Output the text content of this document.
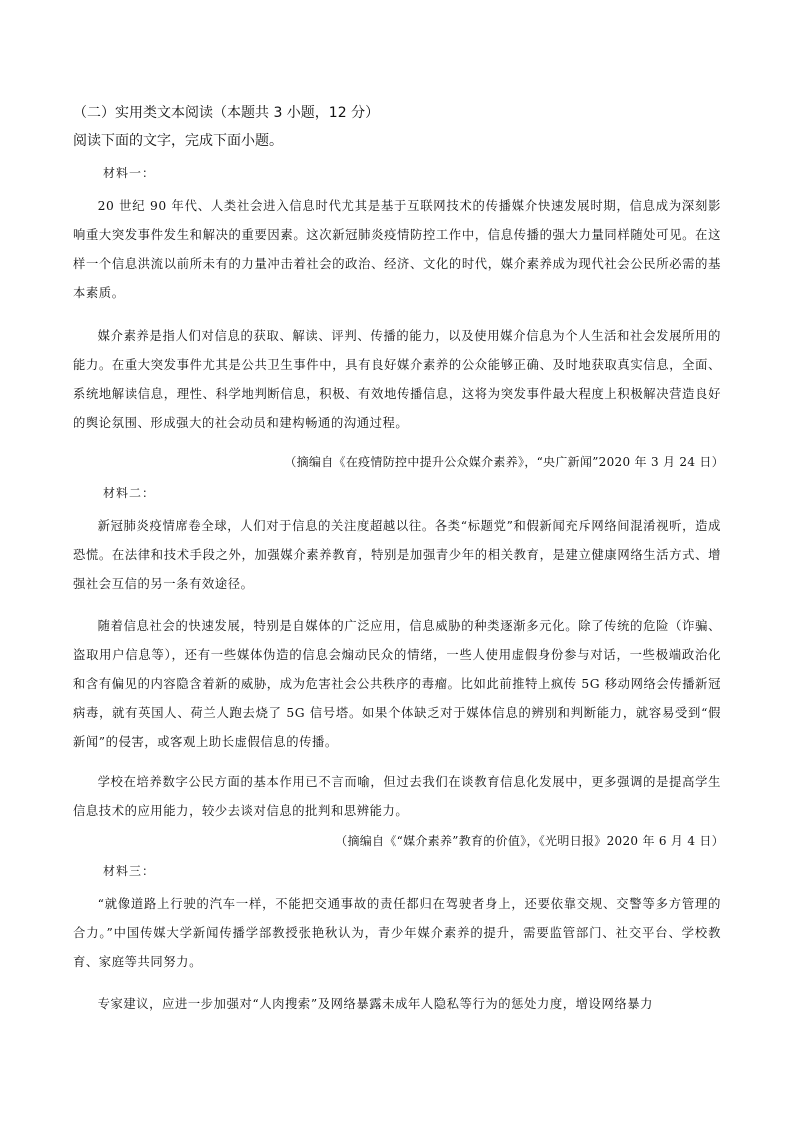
（二）实用类文本阅读（本题共 3 小题，12 分）
阅读下面的文字，完成下面小题。
材料一：

20 世纪 90 年代、人类社会进入信息时代尤其是基于互联网技术的传播媒介快速发展时期，信息成为深刻影响重大突发事件发生和解决的重要因素。这次新冠肺炎疫情防控工作中，信息传播的强大力量同样随处可见。在这样一个信息洪流以前所未有的力量冲击着社会的政治、经济、文化的时代，媒介素养成为现代社会公民所必需的基本素质。

媒介素养是指人们对信息的获取、解读、评判、传播的能力，以及使用媒介信息为个人生活和社会发展所用的能力。在重大突发事件尤其是公共卫生事件中，具有良好媒介素养的公众能够正确、及时地获取真实信息，全面、系统地解读信息，理性、科学地判断信息，积极、有效地传播信息，这将为突发事件最大程度上积极解决营造良好的舆论氛围、形成强大的社会动员和建构畅通的沟通过程。

（摘编自《在疫情防控中提升公众媒介素养》，“央广新闻”2020 年 3 月 24 日）
材料二：

新冠肺炎疫情席卷全球，人们对于信息的关注度超越以往。各类“标题党”和假新闻充斥网络间混淆视听，造成恐慌。在法律和技术手段之外，加强媒介素养教育，特别是加强青少年的相关教育，是建立健康网络生活方式、增强社会互信的另一条有效途径。

随着信息社会的快速发展，特别是自媒体的广泛应用，信息威胁的种类逐渐多元化。除了传统的危险（诈骗、盗取用户信息等），还有一些媒体伪造的信息会煽动民众的情绪，一些人使用虚假身份参与对话，一些极端政治化和含有偏见的内容隐含着新的威胁，成为危害社会公共秩序的毒瘤。比如此前推特上疯传 5G 移动网络会传播新冠病毒，就有英国人、荷兰人跑去烧了 5G 信号塔。如果个体缺乏对于媒体信息的辨别和判断能力，就容易受到“假新闻”的侵害，或客观上助长虚假信息的传播。

学校在培养数字公民方面的基本作用已不言而喻，但过去我们在谈教育信息化发展中，更多强调的是提高学生信息技术的应用能力，较少去谈对信息的批判和思辨能力。

（摘编自《“媒介素养”教育的价值》，《光明日报》2020 年 6 月 4 日）
材料三：

“就像道路上行驶的汽车一样，不能把交通事故的责任都归在驾驶者身上，还要依靠交规、交警等多方管理的合力。”中国传媒大学新闻传播学部教授张艳秋认为，青少年媒介素养的提升，需要监管部门、社交平台、学校教育、家庭等共同努力。

专家建议，应进一步加强对“人肉搜索”及网络暴露未成年人隐私等行为的惩处力度，增设网络暴力
